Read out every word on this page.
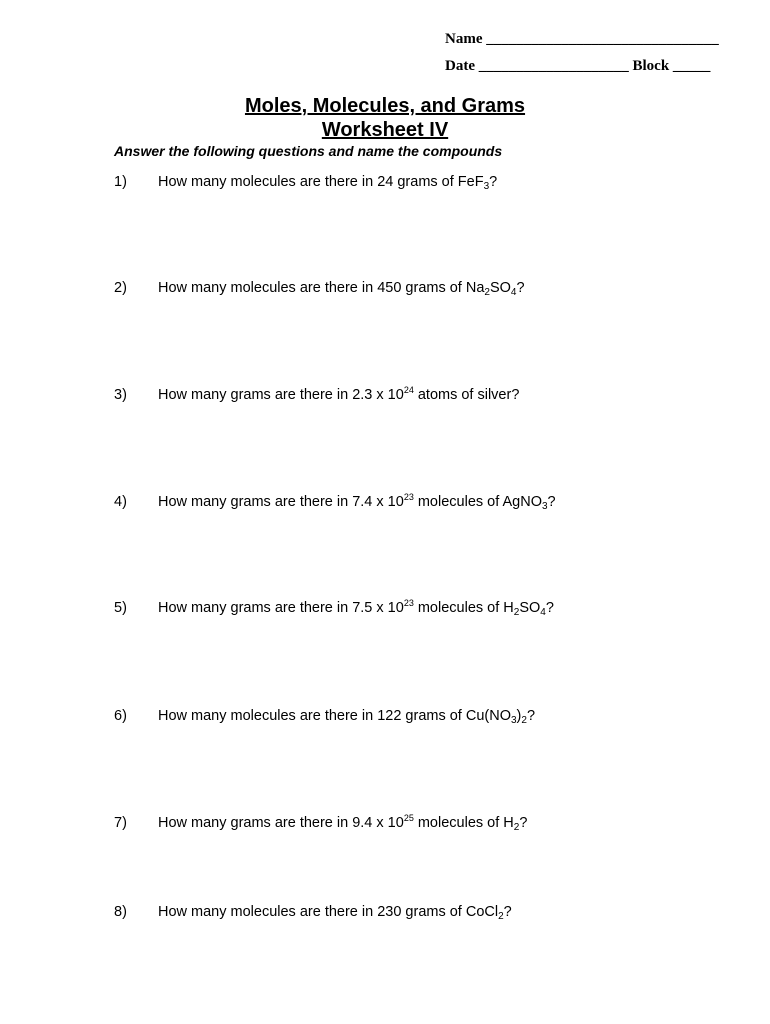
Name _______________________________
Date ____________________ Block _____
Moles, Molecules, and Grams
Worksheet IV
Answer the following questions and name the compounds
1) How many molecules are there in 24 grams of FeF$_3$?
2) How many molecules are there in 450 grams of $Na_2SO_4$?
3) How many grams are there in 2.3 x $10^{24}$ atoms of silver?
4) How many grams are there in 7.4 x $10^{23}$ molecules of AgNO$_3$?
5) How many grams are there in 7.5 x $10^{23}$ molecules of $H_2SO_4$?
6) How many molecules are there in 122 grams of $Cu(NO_3)_2$?
7) How many grams are there in 9.4 x $10^{25}$ molecules of $H_2$?
8) How many molecules are there in 230 grams of CoCl$_2$?
